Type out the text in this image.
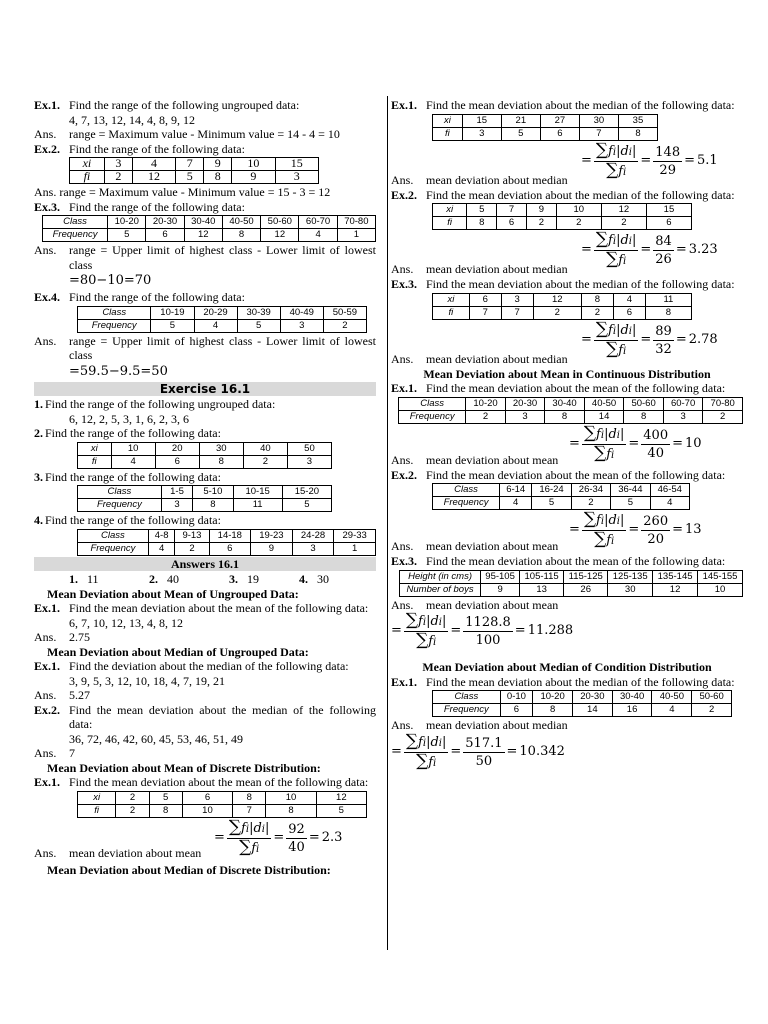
Ex.1. Find the range of the following ungrouped data:
4, 7, 13, 12, 14, 4, 8, 9, 12
Ans. range = Maximum value - Minimum value = 14 - 4 = 10
Ex.2. Find the range of the following data:
xi	3	4	7	9	10	15
fi	2	12	5	8	9	3
Ans. range = Maximum value - Minimum value = 15 - 3 = 12
Ex.3. Find the range of the following data:
Class	10-20	20-30	30-40	40-50	50-60	60-70	70-80
Frequency	5	6	12	8	12	4	1
Ans.	range = Upper limit of highest class - Lower limit of lowest class
=80−10=70
Ex.4. Find the range of the following data:
Class	10-19	20-29	30-39	40-49	50-59
Frequency	5	4	5	3	2
Ans.	range = Upper limit of highest class - Lower limit of lowest class
=59.5−9.5=50
Exercise 16.1
1. Find the range of the following ungrouped data:
6, 12, 2, 5, 3, 1, 6, 2, 3, 6
2. Find the range of the following data:
xi	10	20	30	40	50
fi	4	6	8	2	3
3. Find the range of the following data:
Class	1-5	5-10	10-15	15-20
Frequency	3	8	11	5
4. Find the range of the following data:
Class	4-8	9-13	14-18	19-23	24-28	29-33
Frequency	4	2	6	9	3	1
Answers 16.1
1. 11	2. 40	3. 19	4. 30
Mean Deviation about Mean of Ungrouped Data:
Ex.1. Find the mean deviation about the mean of the following data:
6, 7, 10, 12, 13, 4, 8, 12
Ans. 2.75
Mean Deviation about Median of Ungrouped Data:
Ex.1. Find the deviation about the median of the following data:
3, 9, 5, 3, 12, 10, 18, 4, 7, 19, 21
Ans. 5.27
Ex.2. Find the mean deviation about the median of the following data:
36, 72, 46, 42, 60, 45, 53, 46, 51, 49
Ans. 7
Mean Deviation about Mean of Discrete Distribution:
Ex.1. Find the mean deviation about the mean of the following data:
xi	2	5	6	8	10	12
fi	2	8	10	7	8	5
= $\frac{\sum fi|di|}{\sum fi} = \frac{92}{40} = 2.3$
Ans. mean deviation about mean
Mean Deviation about Median of Discrete Distribution:
Ex.1. Find the mean deviation about the median of the following data:
xi	15	21	27	30	35
fi	3	5	6	7	8
= $\frac{\sum fi|di|}{\sum fi} = \frac{148}{29} = 5.1$
Ans. mean deviation about median
Ex.2. Find the mean deviation about the median of the following data:
xi	5	7	9	10	12	15
fi	8	6	2	2	2	6
= $\frac{\sum fi|di|}{\sum fi} = \frac{84}{26} = 3.23$
Ans. mean deviation about median
Ex.3. Find the mean deviation about the median of the following data:
xi	6	3	12	8	4	11
fi	7	7	2	2	6	8
= $\frac{\sum fi|di|}{\sum fi} = \frac{89}{32} = 2.78$
Ans. mean deviation about median
Mean Deviation about Mean in Continuous Distribution
Ex.1. Find the mean deviation about the mean of the following data:
Class	10-20	20-30	30-40	40-50	50-60	60-70	70-80
Frequency	2	3	8	14	8	3	2
= $\frac{\sum fi|di|}{\sum fi} = \frac{400}{40} = 10$
Ans. mean deviation about mean
Ex.2. Find the mean deviation about the mean of the following data:
Class	6-14	16-24	26-34	36-44	46-54
Frequency	4	5	2	5	4
= $\frac{\sum fi|di|}{\sum fi} = \frac{260}{20} = 13$
Ans. mean deviation about mean
Ex.3. Find the mean deviation about the mean of the following data:
Height (in cms)	95-105	105-115	115-125	125-135	135-145	145-155
Number of boys	9	13	26	30	12	10
Ans. mean deviation about mean
= $\frac{\sum fi|di|}{\sum fi} = \frac{1128.8}{100} = 11.288$
Mean Deviation about Median of Condition Distribution
Ex.1. Find the mean deviation about the median of the following data:
Class	0-10	10-20	20-30	30-40	40-50	50-60
Frequency	6	8	14	16	4	2
Ans. mean deviation about median
= $\frac{\sum fi|di|}{\sum fi} = \frac{517.1}{50} = 10.342$
